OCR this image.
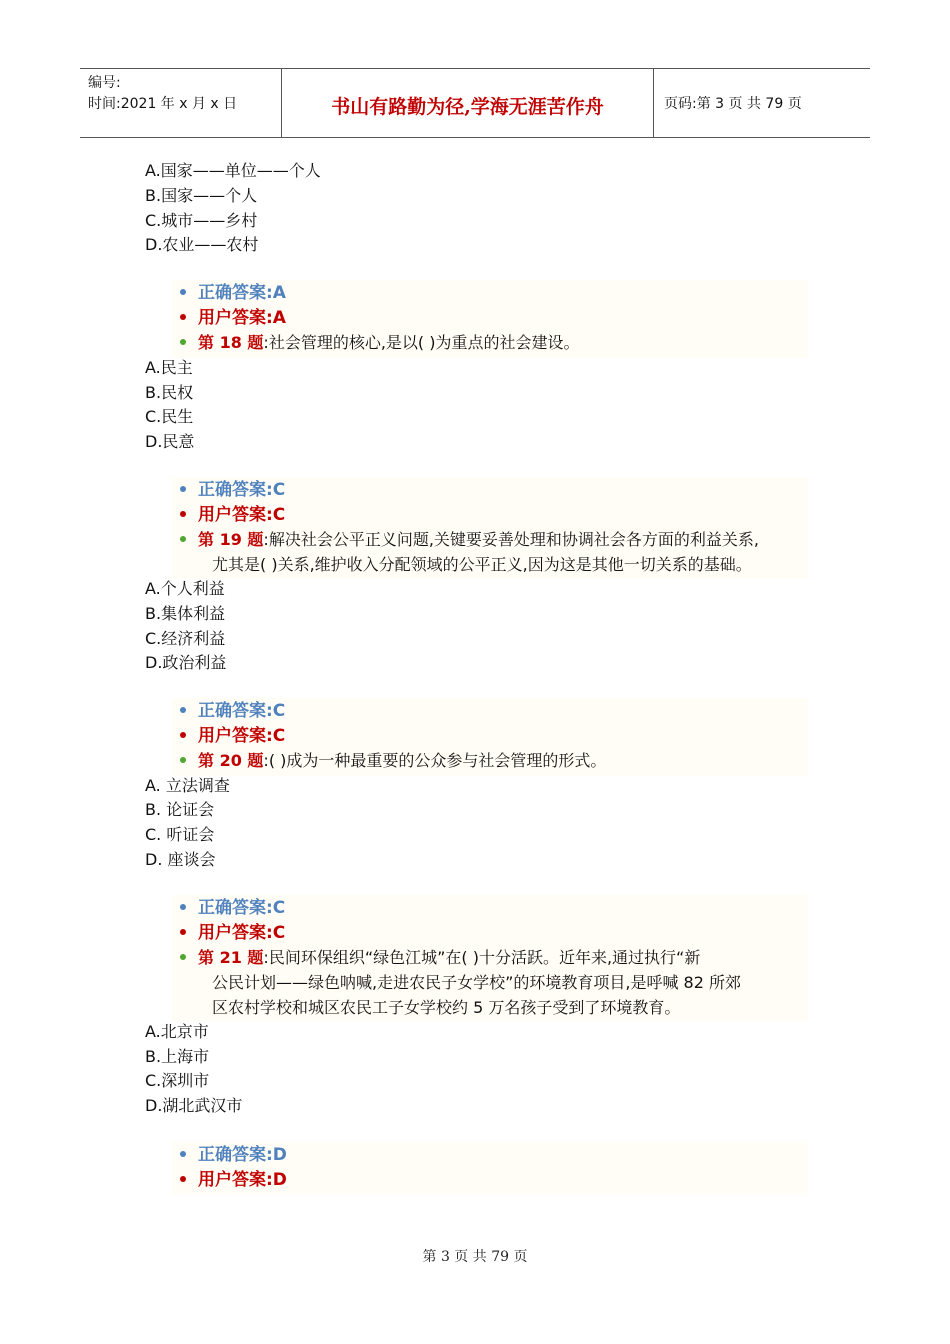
编号:
时间:2021 年 x 月 x 日	书山有路勤为径,学海无涯苦作舟	页码:第 3 页 共 79 页
A.国家——单位——个人
B.国家——个人
C.城市——乡村
D.农业——农村
正确答案:A
用户答案:A
第 18 题:社会管理的核心,是以( )为重点的社会建设。
A.民主
B.民权
C.民生
D.民意
正确答案:C
用户答案:C
第 19 题:解决社会公平正义问题,关键要妥善处理和协调社会各方面的利益关系,
尤其是( )关系,维护收入分配领域的公平正义,因为这是其他一切关系的基础。
A.个人利益
B.集体利益
C.经济利益
D.政治利益
正确答案:C
用户答案:C
第 20 题:( )成为一种最重要的公众参与社会管理的形式。
A. 立法调查
B. 论证会
C. 听证会
D. 座谈会
正确答案:C
用户答案:C
第 21 题:民间环保组织“绿色江城”在( )十分活跃。近年来,通过执行“新
公民计划——绿色呐喊,走进农民子女学校”的环境教育项目,是呼喊 82 所郊
区农村学校和城区农民工子女学校约 5 万名孩子受到了环境教育。
A.北京市
B.上海市
C.深圳市
D.湖北武汉市
正确答案:D
用户答案:D
第 3 页 共 79 页
